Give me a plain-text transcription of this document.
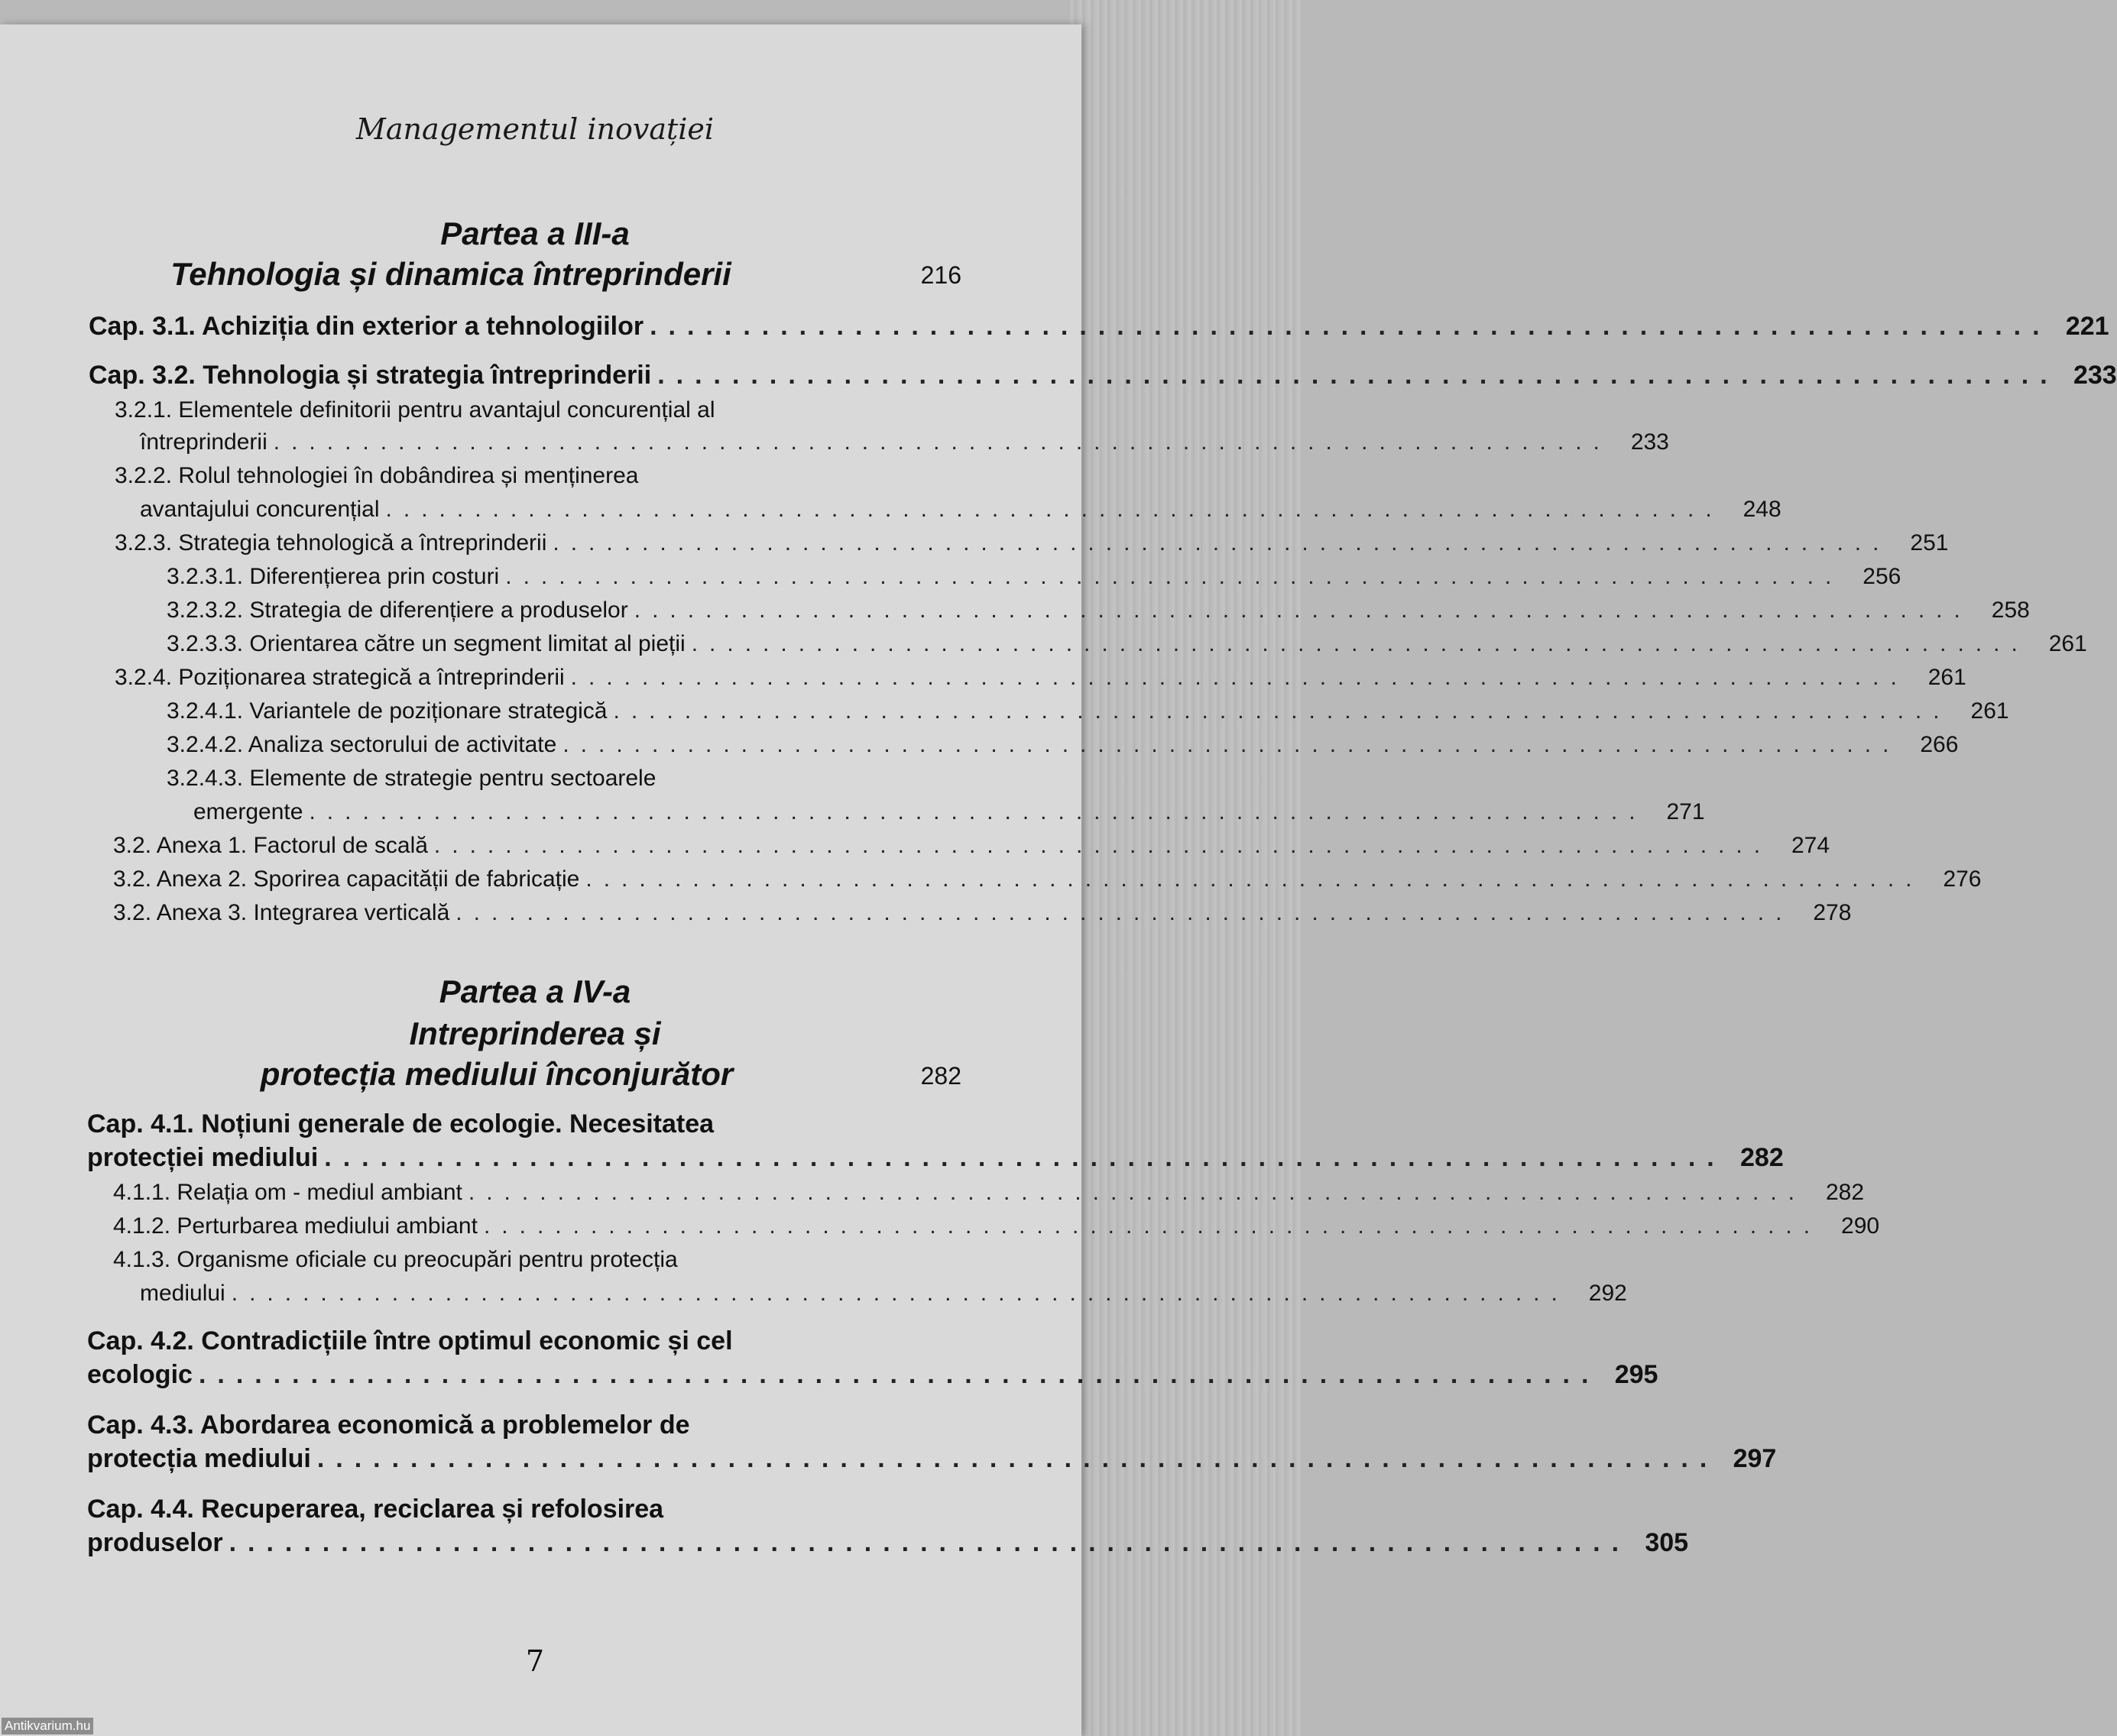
Managementul inovației
Partea a III-a
Tehnologia și dinamica întreprinderii	216
Cap. 3.1. Achiziția din exterior a tehnologiilor ........................................................................... 221
Cap. 3.2. Tehnologia și strategia întreprinderii ........................................................................... 233
3.2.1. Elementele definitorii pentru avantajul concurențial al
întreprinderii ........................................................................... 233
3.2.2. Rolul tehnologiei în dobândirea și menținerea
avantajului concurențial ........................................................................... 248
3.2.3. Strategia tehnologică a întreprinderii ........................................................................... 251
3.2.3.1. Diferențierea prin costuri ........................................................................... 256
3.2.3.2. Strategia de diferențiere a produselor ........................................................................... 258
3.2.3.3. Orientarea către un segment limitat al pieții ........................................................................... 261
3.2.4. Poziționarea strategică a întreprinderii ........................................................................... 261
3.2.4.1. Variantele de poziționare strategică ........................................................................... 261
3.2.4.2. Analiza sectorului de activitate ........................................................................... 266
3.2.4.3. Elemente de strategie pentru sectoarele
emergente ........................................................................... 271
3.2. Anexa 1. Factorul de scală ........................................................................... 274
3.2. Anexa 2. Sporirea capacității de fabricație ........................................................................... 276
3.2. Anexa 3. Integrarea verticală ........................................................................... 278
Partea a IV-a
Intreprinderea și
protecția mediului înconjurător	282
Cap. 4.1. Noțiuni generale de ecologie. Necesitatea
protecției mediului ........................................................................... 282
4.1.1. Relația om - mediul ambiant ........................................................................... 282
4.1.2. Perturbarea mediului ambiant ........................................................................... 290
4.1.3. Organisme oficiale cu preocupări pentru protecția
mediului ........................................................................... 292
Cap. 4.2. Contradicțiile între optimul economic și cel
ecologic ........................................................................... 295
Cap. 4.3. Abordarea economică a problemelor de
protecția mediului ........................................................................... 297
Cap. 4.4. Recuperarea, reciclarea și refolosirea
produselor ........................................................................... 305
7
Antikvarium.hu
